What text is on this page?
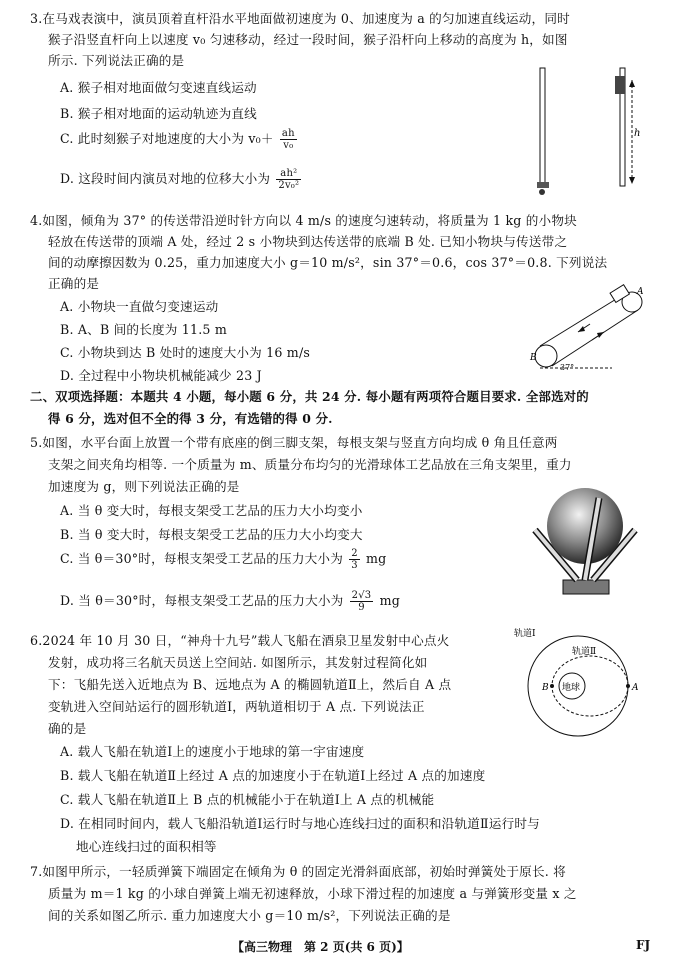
3.在马戏表演中，演员顶着直杆沿水平地面做初速度为 0、加速度为 a 的匀加速直线运动，同时
猴子沿竖直杆向上以速度 v₀ 匀速移动，经过一段时间，猴子沿杆向上移动的高度为 h，如图
所示. 下列说法正确的是
A. 猴子相对地面做匀变速直线运动
B. 猴子相对地面的运动轨迹为直线
C. 此时刻猴子对地速度的大小为 $v_0+ \frac{ah}{\text{v₀}}$
D. 这段时间内演员对地的位移大小为 $\frac{\text{ah²}}{\text{2v₀²}}$
h
4.如图，倾角为 37° 的传送带沿逆时针方向以 4 m/s 的速度匀速转动，将质量为 1 kg 的小物块
轻放在传送带的顶端 A 处，经过 2 s 小物块到达传送带的底端 B 处. 已知小物块与传送带之
间的动摩擦因数为 0.25，重力加速度大小 g＝10 m/s²，sin 37°＝0.6，cos 37°＝0.8. 下列说法
正确的是
A. 小物块一直做匀变速运动
B. A、B 间的长度为 11.5 m
C. 小物块到达 B 处时的速度大小为 16 m/s
D. 全过程中小物块机械能减少 23 J
A
B
37°
二、双项选择题：本题共 4 小题，每小题 6 分，共 24 分. 每小题有两项符合题目要求. 全部选对的
得 6 分，选对但不全的得 3 分，有选错的得 0 分.
5.如图，水平台面上放置一个带有底座的倒三脚支架，每根支架与竖直方向均成 θ 角且任意两
支架之间夹角均相等. 一个质量为 m、质量分布均匀的光滑球体工艺品放在三角支架里，重力
加速度为 g，则下列说法正确的是
A. 当 θ 变大时，每根支架受工艺品的压力大小均变小
B. 当 θ 变大时，每根支架受工艺品的压力大小均变大
C. 当 θ＝30°时，每根支架受工艺品的压力大小为 $\frac{2}{3}$ mg
D. 当 θ＝30°时，每根支架受工艺品的压力大小为 $\frac{2√3}{9}$ mg
6.2024 年 10 月 30 日，“神舟十九号”载人飞船在酒泉卫星发射中心点火
发射，成功将三名航天员送上空间站. 如图所示，其发射过程简化如
下：飞船先送入近地点为 B、远地点为 A 的椭圆轨道Ⅱ上，然后自 A 点
变轨进入空间站运行的圆形轨道Ⅰ，两轨道相切于 A 点. 下列说法正
确的是
A. 载人飞船在轨道Ⅰ上的速度小于地球的第一宇宙速度
B. 载人飞船在轨道Ⅱ上经过 A 点的加速度小于在轨道Ⅰ上经过 A 点的加速度
C. 载人飞船在轨道Ⅱ上 B 点的机械能小于在轨道Ⅰ上 A 点的机械能
D. 在相同时间内，载人飞船沿轨道Ⅰ运行时与地心连线扫过的面积和沿轨道Ⅱ运行时与
地心连线扫过的面积相等
地球
轨道Ⅰ
轨道Ⅱ
A
B
7.如图甲所示，一轻质弹簧下端固定在倾角为 θ 的固定光滑斜面底部，初始时弹簧处于原长. 将
质量为 m＝1 kg 的小球自弹簧上端无初速释放，小球下滑过程的加速度 a 与弹簧形变量 x 之
间的关系如图乙所示. 重力加速度大小 g＝10 m/s²，下列说法正确的是
【高三物理　第 2 页(共 6 页)】	FJ
